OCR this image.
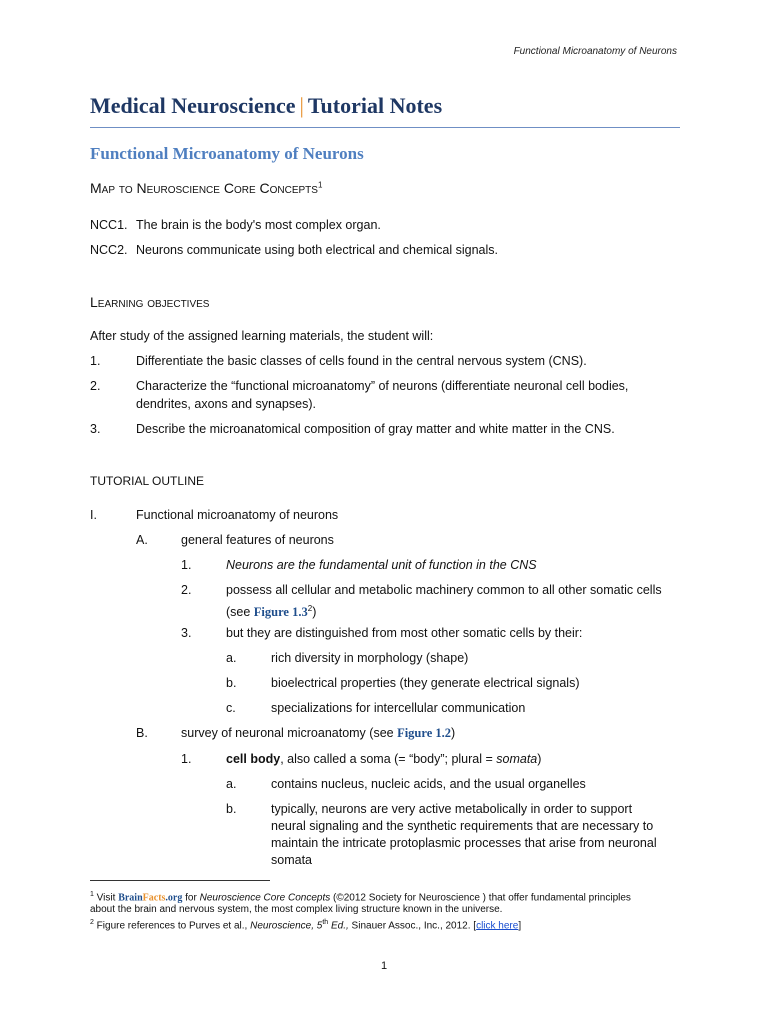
Functional Microanatomy of Neurons
Medical Neuroscience | Tutorial Notes
Functional Microanatomy of Neurons
Map to Neuroscience Core Concepts$^1$
NCC1. The brain is the body's most complex organ.
NCC2. Neurons communicate using both electrical and chemical signals.
Learning objectives
After study of the assigned learning materials, the student will:
1.	Differentiate the basic classes of cells found in the central nervous system (CNS).
2.	Characterize the “functional microanatomy” of neurons (differentiate neuronal cell bodies,
dendrites, axons and synapses).
3.	Describe the microanatomical composition of gray matter and white matter in the CNS.
TUTORIAL OUTLINE
I.	Functional microanatomy of neurons
A.	general features of neurons
1.	Neurons are the fundamental unit of function in the CNS
2.	possess all cellular and metabolic machinery common to all other somatic cells
(see Figure $1.3^2$)
3.	but they are distinguished from most other somatic cells by their:
a.	rich diversity in morphology (shape)
b.	bioelectrical properties (they generate electrical signals)
c.	specializations for intercellular communication
B.	survey of neuronal microanatomy (see Figure 1.2)
1.	cell body, also called a soma (= “body”; plural = somata)
a.	contains nucleus, nucleic acids, and the usual organelles
b.	typically, neurons are very active metabolically in order to support
neural signaling and the synthetic requirements that are necessary to
maintain the intricate protoplasmic processes that arise from neuronal
somata
$^1$ Visit BrainFacts.org for Neuroscience Core Concepts (©2012 Society for Neuroscience ) that offer fundamental principles
about the brain and nervous system, the most complex living structure known in the universe.
$^2$ Figure references to Purves et al., Neuroscience, 5th Ed., Sinauer Assoc., Inc., 2012. [click here]
1
